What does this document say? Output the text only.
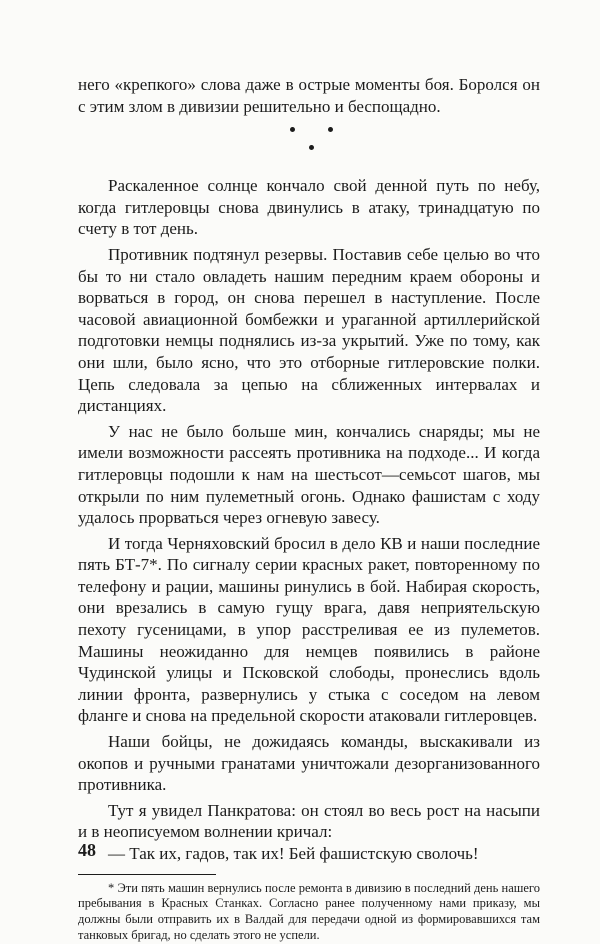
него «крепкого» слова даже в острые моменты боя. Боролся он с этим злом в дивизии решительно и беспощадно.

Раскаленное солнце кончало свой денной путь по небу, когда гитлеровцы снова двинулись в атаку, тринадцатую по счету в тот день.

Противник подтянул резервы. Поставив себе целью во что бы то ни стало овладеть нашим передним краем обороны и ворваться в город, он снова перешел в наступление. После часовой авиационной бомбежки и ураганной артиллерийской подготовки немцы поднялись из-за укрытий. Уже по тому, как они шли, было ясно, что это отборные гитлеровские полки. Цепь следовала за цепью на сближенных интервалах и дистанциях.

У нас не было больше мин, кончались снаряды; мы не имели возможности рассеять противника на подходе... И когда гитлеровцы подошли к нам на шестьсот—семьсот шагов, мы открыли по ним пулеметный огонь. Однако фашистам с ходу удалось прорваться через огневую завесу.

И тогда Черняховский бросил в дело КВ и наши последние пять БТ-7*. По сигналу серии красных ракет, повторенному по телефону и рации, машины ринулись в бой. Набирая скорость, они врезались в самую гущу врага, давя неприятельскую пехоту гусеницами, в упор расстреливая ее из пулеметов. Машины неожиданно для немцев появились в районе Чудинской улицы и Псковской слободы, пронеслись вдоль линии фронта, развернулись у стыка с соседом на левом фланге и снова на предельной скорости атаковали гитлеровцев.

Наши бойцы, не дожидаясь команды, выскакивали из окопов и ручными гранатами уничтожали дезорганизованного противника.

Тут я увидел Панкратова: он стоял во весь рост на насыпи и в неописуемом волнении кричал:

— Так их, гадов, так их! Бей фашистскую сволочь!

* Эти пять машин вернулись после ремонта в дивизию в последний день нашего пребывания в Красных Станках. Согласно ранее полученному нами приказу, мы должны были отправить их в Валдай для передачи одной из формировавшихся там танковых бригад, но сделать этого не успели.

48
